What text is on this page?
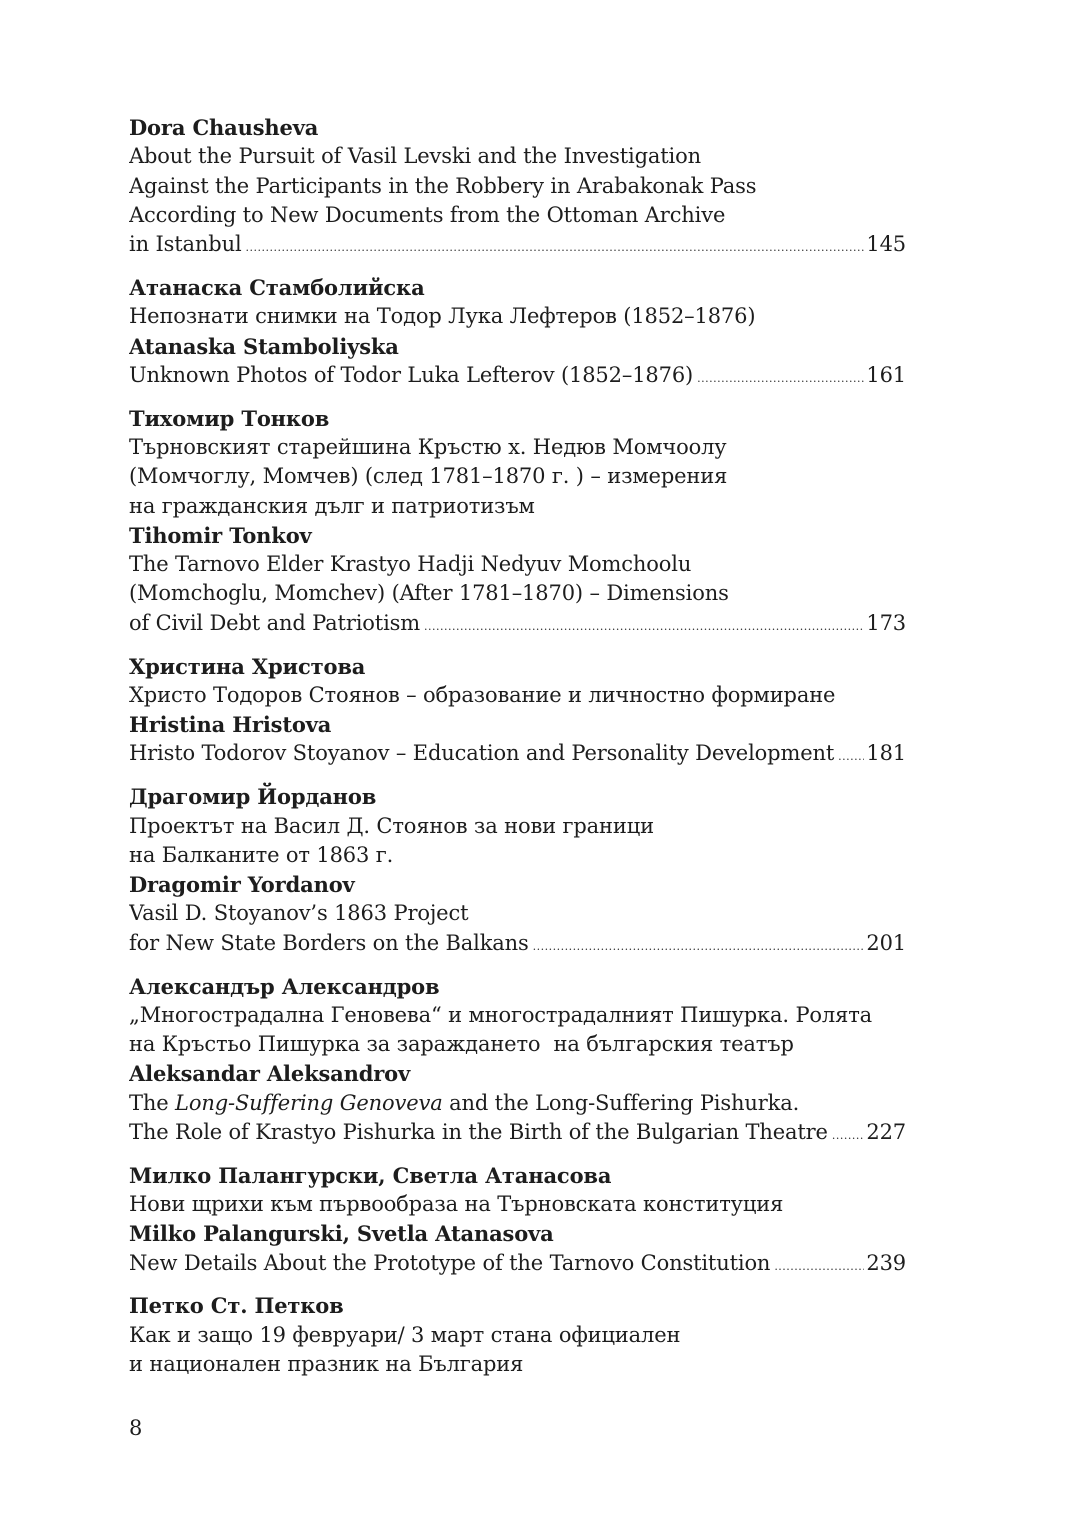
Dora Chausheva
About the Pursuit of Vasil Levski and the Investigation
Against the Participants in the Robbery in Arabakonak Pass
According to New Documents from the Ottoman Archive
in Istanbul .....	145
Атанаска Стамболийска
Непознати снимки на Тодор Лука Лефтеров (1852–1876)
Atanaska Stamboliyska
Unknown Photos of Todor Luka Lefterov (1852–1876) .....	161
Тихомир Тонков
Търновският старейшина Кръстю х. Недюв Момчоолу
(Момчоглу, Момчев) (след 1781–1870 г. ) – измерения
на гражданския дълг и патриотизъм
Tihomir Tonkov
The Tarnovo Elder Krastyo Hadji Nedyuv Momchoolu
(Momchoglu, Momchev) (After 1781–1870) – Dimensions
of Civil Debt and Patriotism .....	173
Христина Христова
Христо Тодоров Стоянов – образование и личностно формиране
Hristina Hristova
Hristo Todorov Stoyanov – Education and Personality Development ..... 181
Драгомир Йорданов
Проектът на Васил Д. Стоянов за нови граници
на Балканите от 1863 г.
Dragomir Yordanov
Vasil D. Stoyanov’s 1863 Project
for New State Borders on the Balkans .....	201
Александър Александров
„Многострадална Геновева“ и многострадалният Пишурка. Ролята
на Кръстьо Пишурка за зараждането  на българския театър
Aleksandar Aleksandrov
The Long-Suffering Genoveva and the Long-Suffering Pishurka.
The Role of Krastyo Pishurka in the Birth of the Bulgarian Theatre ..... 227
Милко Палангурски, Светла Атанасова
Нови щрихи към първообраза на Търновската конституция
Milko Palangurski, Svetla Atanasova
New Details About the Prototype of the Tarnovo Constitution .....	239
Петко Ст. Петков
Как и защо 19 февруари/ 3 март стана официален
и национален празник на България
8
